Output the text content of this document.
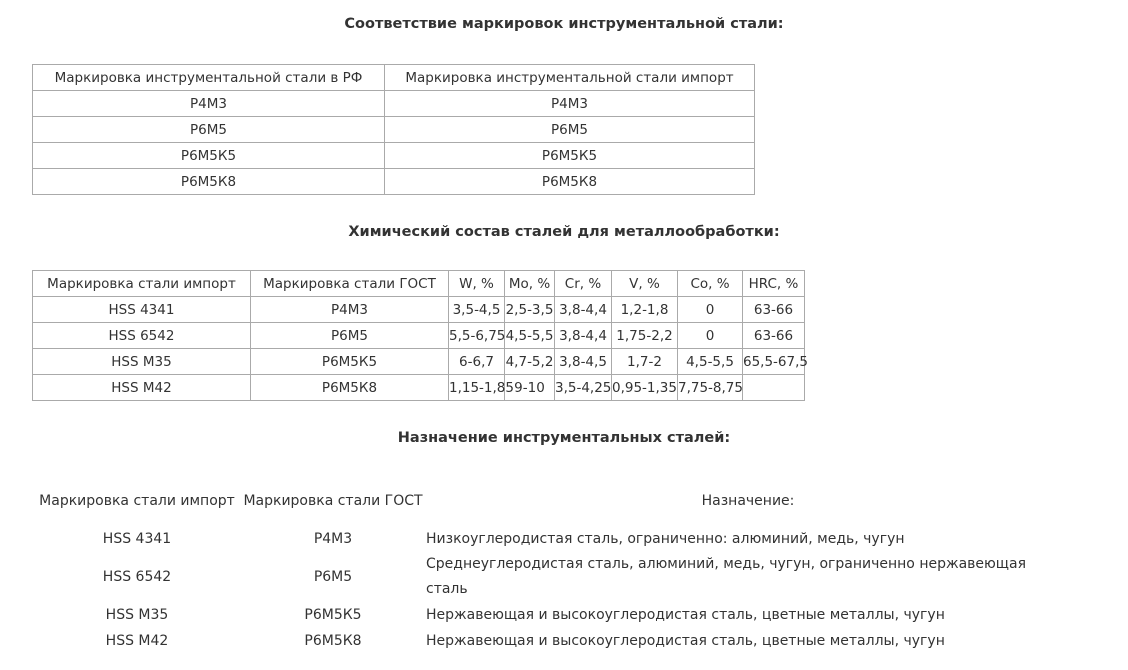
Соответствие маркировок инструментальной стали:
Маркировка инструментальной стали в РФ	Маркировка инструментальной стали импорт
Р4М3	Р4М3
Р6М5	Р6М5
Р6М5К5	Р6М5К5
Р6М5К8	Р6М5К8
Химический состав сталей для металлообработки:
Маркировка стали импорт	Маркировка стали ГОСТ	W, %	Mo, %	Cr, %	V, %	Co, %	HRC, %
HSS 4341	Р4М3	3,5-4,5	2,5-3,5	3,8-4,4	1,2-1,8	0	63-66
HSS 6542	Р6М5	5,5-6,75	4,5-5,5	3,8-4,4	1,75-2,2	0	63-66
HSS M35	Р6М5К5	6-6,7	4,7-5,2	3,8-4,5	1,7-2	4,5-5,5	65,5-67,5
HSS M42	Р6М5К8	1,15-1,85	9-10	3,5-4,25	0,95-1,35	7,75-8,75	
Назначение инструментальных сталей:
Маркировка стали импорт	Маркировка стали ГОСТ	Назначение:
HSS 4341	Р4М3	Низкоуглеродистая сталь, ограниченно: алюминий, медь, чугун
HSS 6542	Р6М5	Среднеуглеродистая сталь, алюминий, медь, чугун, ограниченно нержавеющая сталь
HSS M35	Р6М5К5	Нержавеющая и высокоуглеродистая сталь, цветные металлы, чугун
HSS M42	Р6М5К8	Нержавеющая и высокоуглеродистая сталь, цветные металлы, чугун
